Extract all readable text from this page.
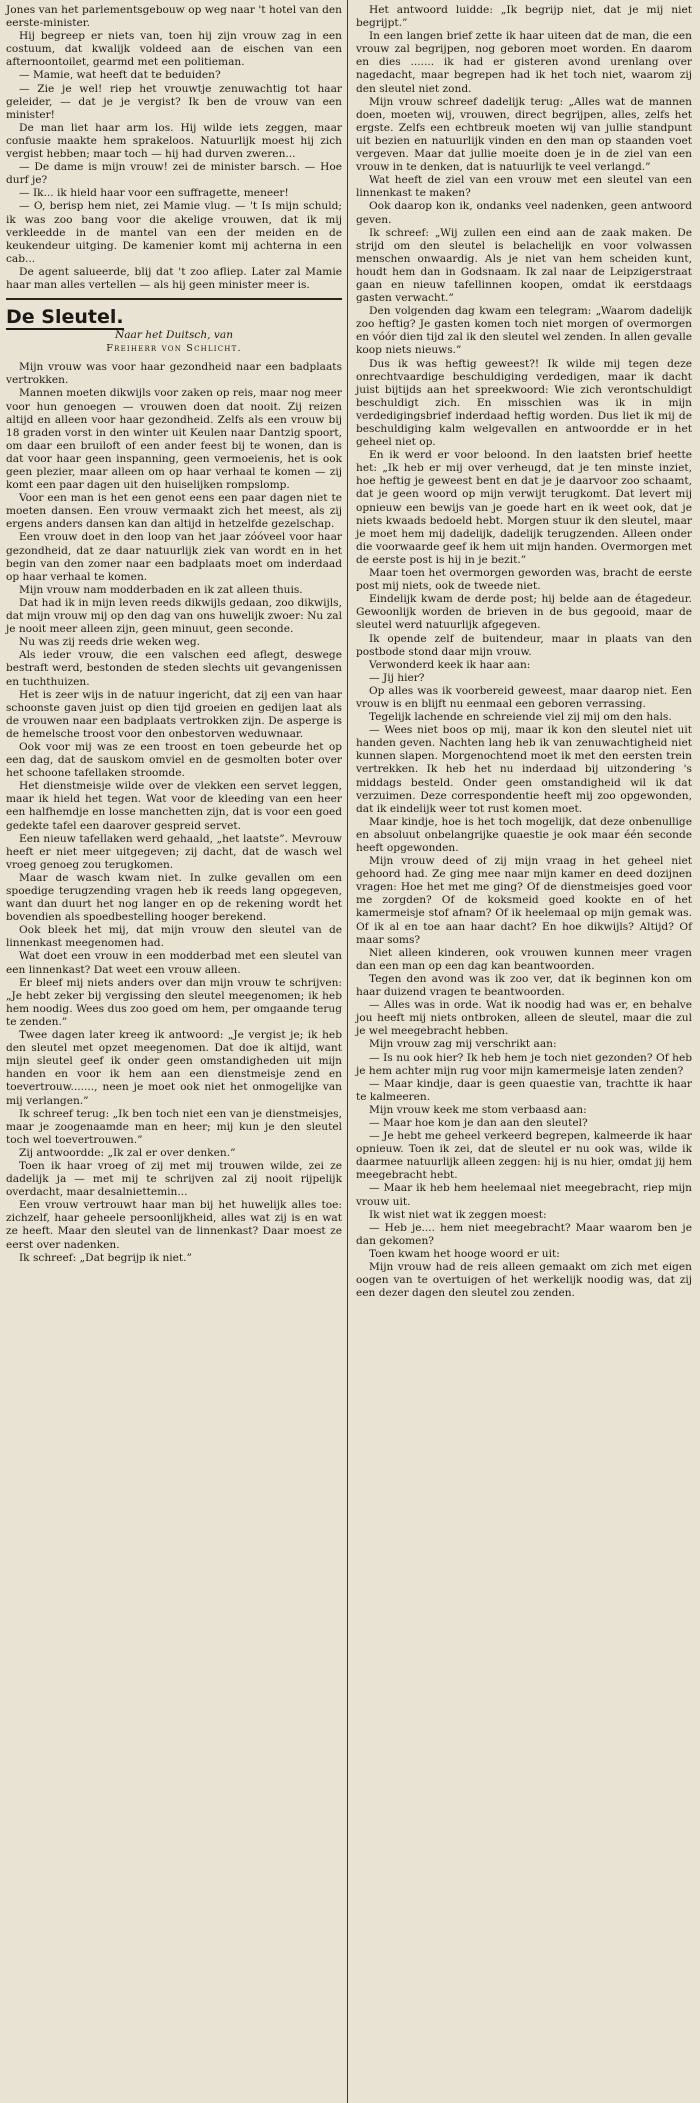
Jones van het parlementsgebouw op weg naar 't hotel van den eerste-minister.

Hij begreep er niets van, toen hij zijn vrouw zag in een costuum, dat kwalijk voldeed aan de eischen van een afternoontoilet, gearmd met een politieman.

— Mamie, wat heeft dat te beduiden?

— Zie je wel! riep het vrouwtje zenuwachtig tot haar geleider, — dat je je vergist? Ik ben de vrouw van een minister!

De man liet haar arm los. Hij wilde iets zeggen, maar confusie maakte hem sprakeloos. Natuurlijk moest hij zich vergist hebben; maar toch — hij had durven zweren...

— De dame is mijn vrouw! zei de minister barsch. — Hoe durf je?

— Ik... ik hield haar voor een suffragette, meneer!

— O, berisp hem niet, zei Mamie vlug. — 't Is mijn schuld; ik was zoo bang voor die akelige vrouwen, dat ik mij verkleedde in de mantel van een der meiden en de keukendeur uitging. De kamenier komt mij achterna in een cab...

De agent salueerde, blij dat 't zoo afliep. Later zal Mamie haar man alles vertellen — als hij geen minister meer is.

De Sleutel.
Naar het Duitsch, van
Freiherr von Schlicht.

Mijn vrouw was voor haar gezondheid naar een badplaats vertrokken.

Mannen moeten dikwijls voor zaken op reis, maar nog meer voor hun genoegen — vrouwen doen dat nooit. Zij reizen altijd en alleen voor haar gezondheid. Zelfs als een vrouw bij 18 graden vorst in den winter uit Keulen naar Dantzig spoort, om daar een bruiloft of een ander feest bij te wonen, dan is dat voor haar geen inspanning, geen vermoeienis, het is ook geen plezier, maar alleen om op haar verhaal te komen — zij komt een paar dagen uit den huiselijken rompslomp.

Voor een man is het een genot eens een paar dagen niet te moeten dansen. Een vrouw vermaakt zich het meest, als zij ergens anders dansen kan dan altijd in hetzelfde gezelschap.

Een vrouw doet in den loop van het jaar zóóveel voor haar gezondheid, dat ze daar natuurlijk ziek van wordt en in het begin van den zomer naar een badplaats moet om inderdaad op haar verhaal te komen.

Mijn vrouw nam modderbaden en ik zat alleen thuis.

Dat had ik in mijn leven reeds dikwijls gedaan, zoo dikwijls, dat mijn vrouw mij op den dag van ons huwelijk zwoer: Nu zal je nooit meer alleen zijn, geen minuut, geen seconde.

Nu was zij reeds drie weken weg.

Als ieder vrouw, die een valschen eed aflegt, deswege bestraft werd, bestonden de steden slechts uit gevangenissen en tuchthuizen.

Het is zeer wijs in de natuur ingericht, dat zij een van haar schoonste gaven juist op dien tijd groeien en gedijen laat als de vrouwen naar een badplaats vertrokken zijn. De asperge is de hemelsche troost voor den onbestorven weduwnaar.

Ook voor mij was ze een troost en toen gebeurde het op een dag, dat de sauskom omviel en de gesmolten boter over het schoone tafellaken stroomde.

Het dienstmeisje wilde over de vlekken een servet leggen, maar ik hield het tegen. Wat voor de kleeding van een heer een halfhemdje en losse manchetten zijn, dat is voor een goed gedekte tafel een daarover gespreid servet.

Een nieuw tafellaken werd gehaald, „het laatste”. Mevrouw heeft er niet meer uitgegeven; zij dacht, dat de wasch wel vroeg genoeg zou terugkomen.

Maar de wasch kwam niet. In zulke gevallen om een spoedige terugzending vragen heb ik reeds lang opgegeven, want dan duurt het nog langer en op de rekening wordt het bovendien als spoedbestelling hooger berekend.

Ook bleek het mij, dat mijn vrouw den sleutel van de linnenkast meegenomen had.

Wat doet een vrouw in een modderbad met een sleutel van een linnenkast? Dat weet een vrouw alleen.

Er bleef mij niets anders over dan mijn vrouw te schrijven: „Je hebt zeker bij vergissing den sleutel meegenomen; ik heb hem noodig. Wees dus zoo goed om hem, per omgaande terug te zenden.”

Twee dagen later kreeg ik antwoord: „Je vergist je; ik heb den sleutel met opzet meegenomen. Dat doe ik altijd, want mijn sleutel geef ik onder geen omstandigheden uit mijn handen en voor ik hem aan een dienstmeisje zend en toevertrouw......., neen je moet ook niet het onmogelijke van mij verlangen.”

Ik schreef terug: „Ik ben toch niet een van je dienstmeisjes, maar je zoogenaamde man en heer; mij kun je den sleutel toch wel toevertrouwen.”

Zij antwoordde: „Ik zal er over denken.”

Toen ik haar vroeg of zij met mij trouwen wilde, zei ze dadelijk ja — met mij te schrijven zal zij nooit rijpelijk overdacht, maar desalniettemin...

Een vrouw vertrouwt haar man bij het huwelijk alles toe: zichzelf, haar geheele persoonlijkheid, alles wat zij is en wat ze heeft. Maar den sleutel van de linnenkast? Daar moest ze eerst over nadenken.

Ik schreef: „Dat begrijp ik niet.”

Het antwoord luidde: „Ik begrijp niet, dat je mij niet begrijpt.”

In een langen brief zette ik haar uiteen dat de man, die een vrouw zal begrijpen, nog geboren moet worden. En daarom en dies ....... ik had er gisteren avond urenlang over nagedacht, maar begrepen had ik het toch niet, waarom zij den sleutel niet zond.

Mijn vrouw schreef dadelijk terug: „Alles wat de mannen doen, moeten wij, vrouwen, direct begrijpen, alles, zelfs het ergste. Zelfs een echtbreuk moeten wij van jullie standpunt uit bezien en natuurlijk vinden en den man op staanden voet vergeven. Maar dat jullie moeite doen je in de ziel van een vrouw in te denken, dat is natuurlijk te veel verlangd.”

Wat heeft de ziel van een vrouw met een sleutel van een linnenkast te maken?

Ook daarop kon ik, ondanks veel nadenken, geen antwoord geven.

Ik schreef: „Wij zullen een eind aan de zaak maken. De strijd om den sleutel is belachelijk en voor volwassen menschen onwaardig. Als je niet van hem scheiden kunt, houdt hem dan in Godsnaam. Ik zal naar de Leipzigerstraat gaan en nieuw tafellinnen koopen, omdat ik eerstdaags gasten verwacht.”

Den volgenden dag kwam een telegram: „Waarom dadelijk zoo heftig? Je gasten komen toch niet morgen of overmorgen en vóór dien tijd zal ik den sleutel wel zenden. In allen gevalle koop niets nieuws.”

Dus ik was heftig geweest?! Ik wilde mij tegen deze onrechtvaardige beschuldiging verdedigen, maar ik dacht juist bijtijds aan het spreekwoord: Wie zich verontschuldigt beschuldigt zich. En misschien was ik in mijn verdedigingsbrief inderdaad heftig worden. Dus liet ik mij de beschuldiging kalm welgevallen en antwoordde er in het geheel niet op.

En ik werd er voor beloond. In den laatsten brief heette het: „Ik heb er mij over verheugd, dat je ten minste inziet, hoe heftig je geweest bent en dat je je daarvoor zoo schaamt, dat je geen woord op mijn verwijt terugkomt. Dat levert mij opnieuw een bewijs van je goede hart en ik weet ook, dat je niets kwaads bedoeld hebt. Morgen stuur ik den sleutel, maar je moet hem mij dadelijk, dadelijk terugzenden. Alleen onder die voorwaarde geef ik hem uit mijn handen. Overmorgen met de eerste post is hij in je bezit.”

Maar toen het overmorgen geworden was, bracht de eerste post mij niets, ook de tweede niet.

Eindelijk kwam de derde post; hij belde aan de étagedeur. Gewoonlijk worden de brieven in de bus gegooid, maar de sleutel werd natuurlijk afgegeven.

Ik opende zelf de buitendeur, maar in plaats van den postbode stond daar mijn vrouw.

Verwonderd keek ik haar aan:

— Jij hier?

Op alles was ik voorbereid geweest, maar daarop niet. Een vrouw is en blijft nu eenmaal een geboren verrassing.

Tegelijk lachende en schreiende viel zij mij om den hals.

— Wees niet boos op mij, maar ik kon den sleutel niet uit handen geven. Nachten lang heb ik van zenuwachtigheid niet kunnen slapen. Morgenochtend moet ik met den eersten trein vertrekken. Ik heb het nu inderdaad bij uitzondering 's middags besteld. Onder geen omstandigheid wil ik dat verzuimen. Deze correspondentie heeft mij zoo opgewonden, dat ik eindelijk weer tot rust komen moet.

Maar kindje, hoe is het toch mogelijk, dat deze onbenullige en absoluut onbelangrijke quaestie je ook maar één seconde heeft opgewonden.

Mijn vrouw deed of zij mijn vraag in het geheel niet gehoord had. Ze ging mee naar mijn kamer en deed dozijnen vragen: Hoe het met me ging? Of de dienstmeisjes goed voor me zorgden? Of de koksmeid goed kookte en of het kamermeisje stof afnam? Of ik heelemaal op mijn gemak was. Of ik al en toe aan haar dacht? En hoe dikwijls? Altijd? Of maar soms?

Niet alleen kinderen, ook vrouwen kunnen meer vragen dan een man op een dag kan beantwoorden.

Tegen den avond was ik zoo ver, dat ik beginnen kon om haar duizend vragen te beantwoorden.

— Alles was in orde. Wat ik noodig had was er, en behalve jou heeft mij niets ontbroken, alleen de sleutel, maar die zul je wel meegebracht hebben.

Mijn vrouw zag mij verschrikt aan:

— Is nu ook hier? Ik heb hem je toch niet gezonden? Of heb je hem achter mijn rug voor mijn kamermeisje laten zenden?

— Maar kindje, daar is geen quaestie van, trachtte ik haar te kalmeeren.

Mijn vrouw keek me stom verbaasd aan:

— Maar hoe kom je dan aan den sleutel?

— Je hebt me geheel verkeerd begrepen, kalmeerde ik haar opnieuw. Toen ik zei, dat de sleutel er nu ook was, wilde ik daarmee natuurlijk alleen zeggen: hij is nu hier, omdat jij hem meegebracht hebt.

— Maar ik heb hem heelemaal niet meegebracht, riep mijn vrouw uit.

Ik wist niet wat ik zeggen moest:

— Heb je.... hem niet meegebracht? Maar waarom ben je dan gekomen?

Toen kwam het hooge woord er uit:

Mijn vrouw had de reis alleen gemaakt om zich met eigen oogen van te overtuigen of het werkelijk noodig was, dat zij een dezer dagen den sleutel zou zenden.
